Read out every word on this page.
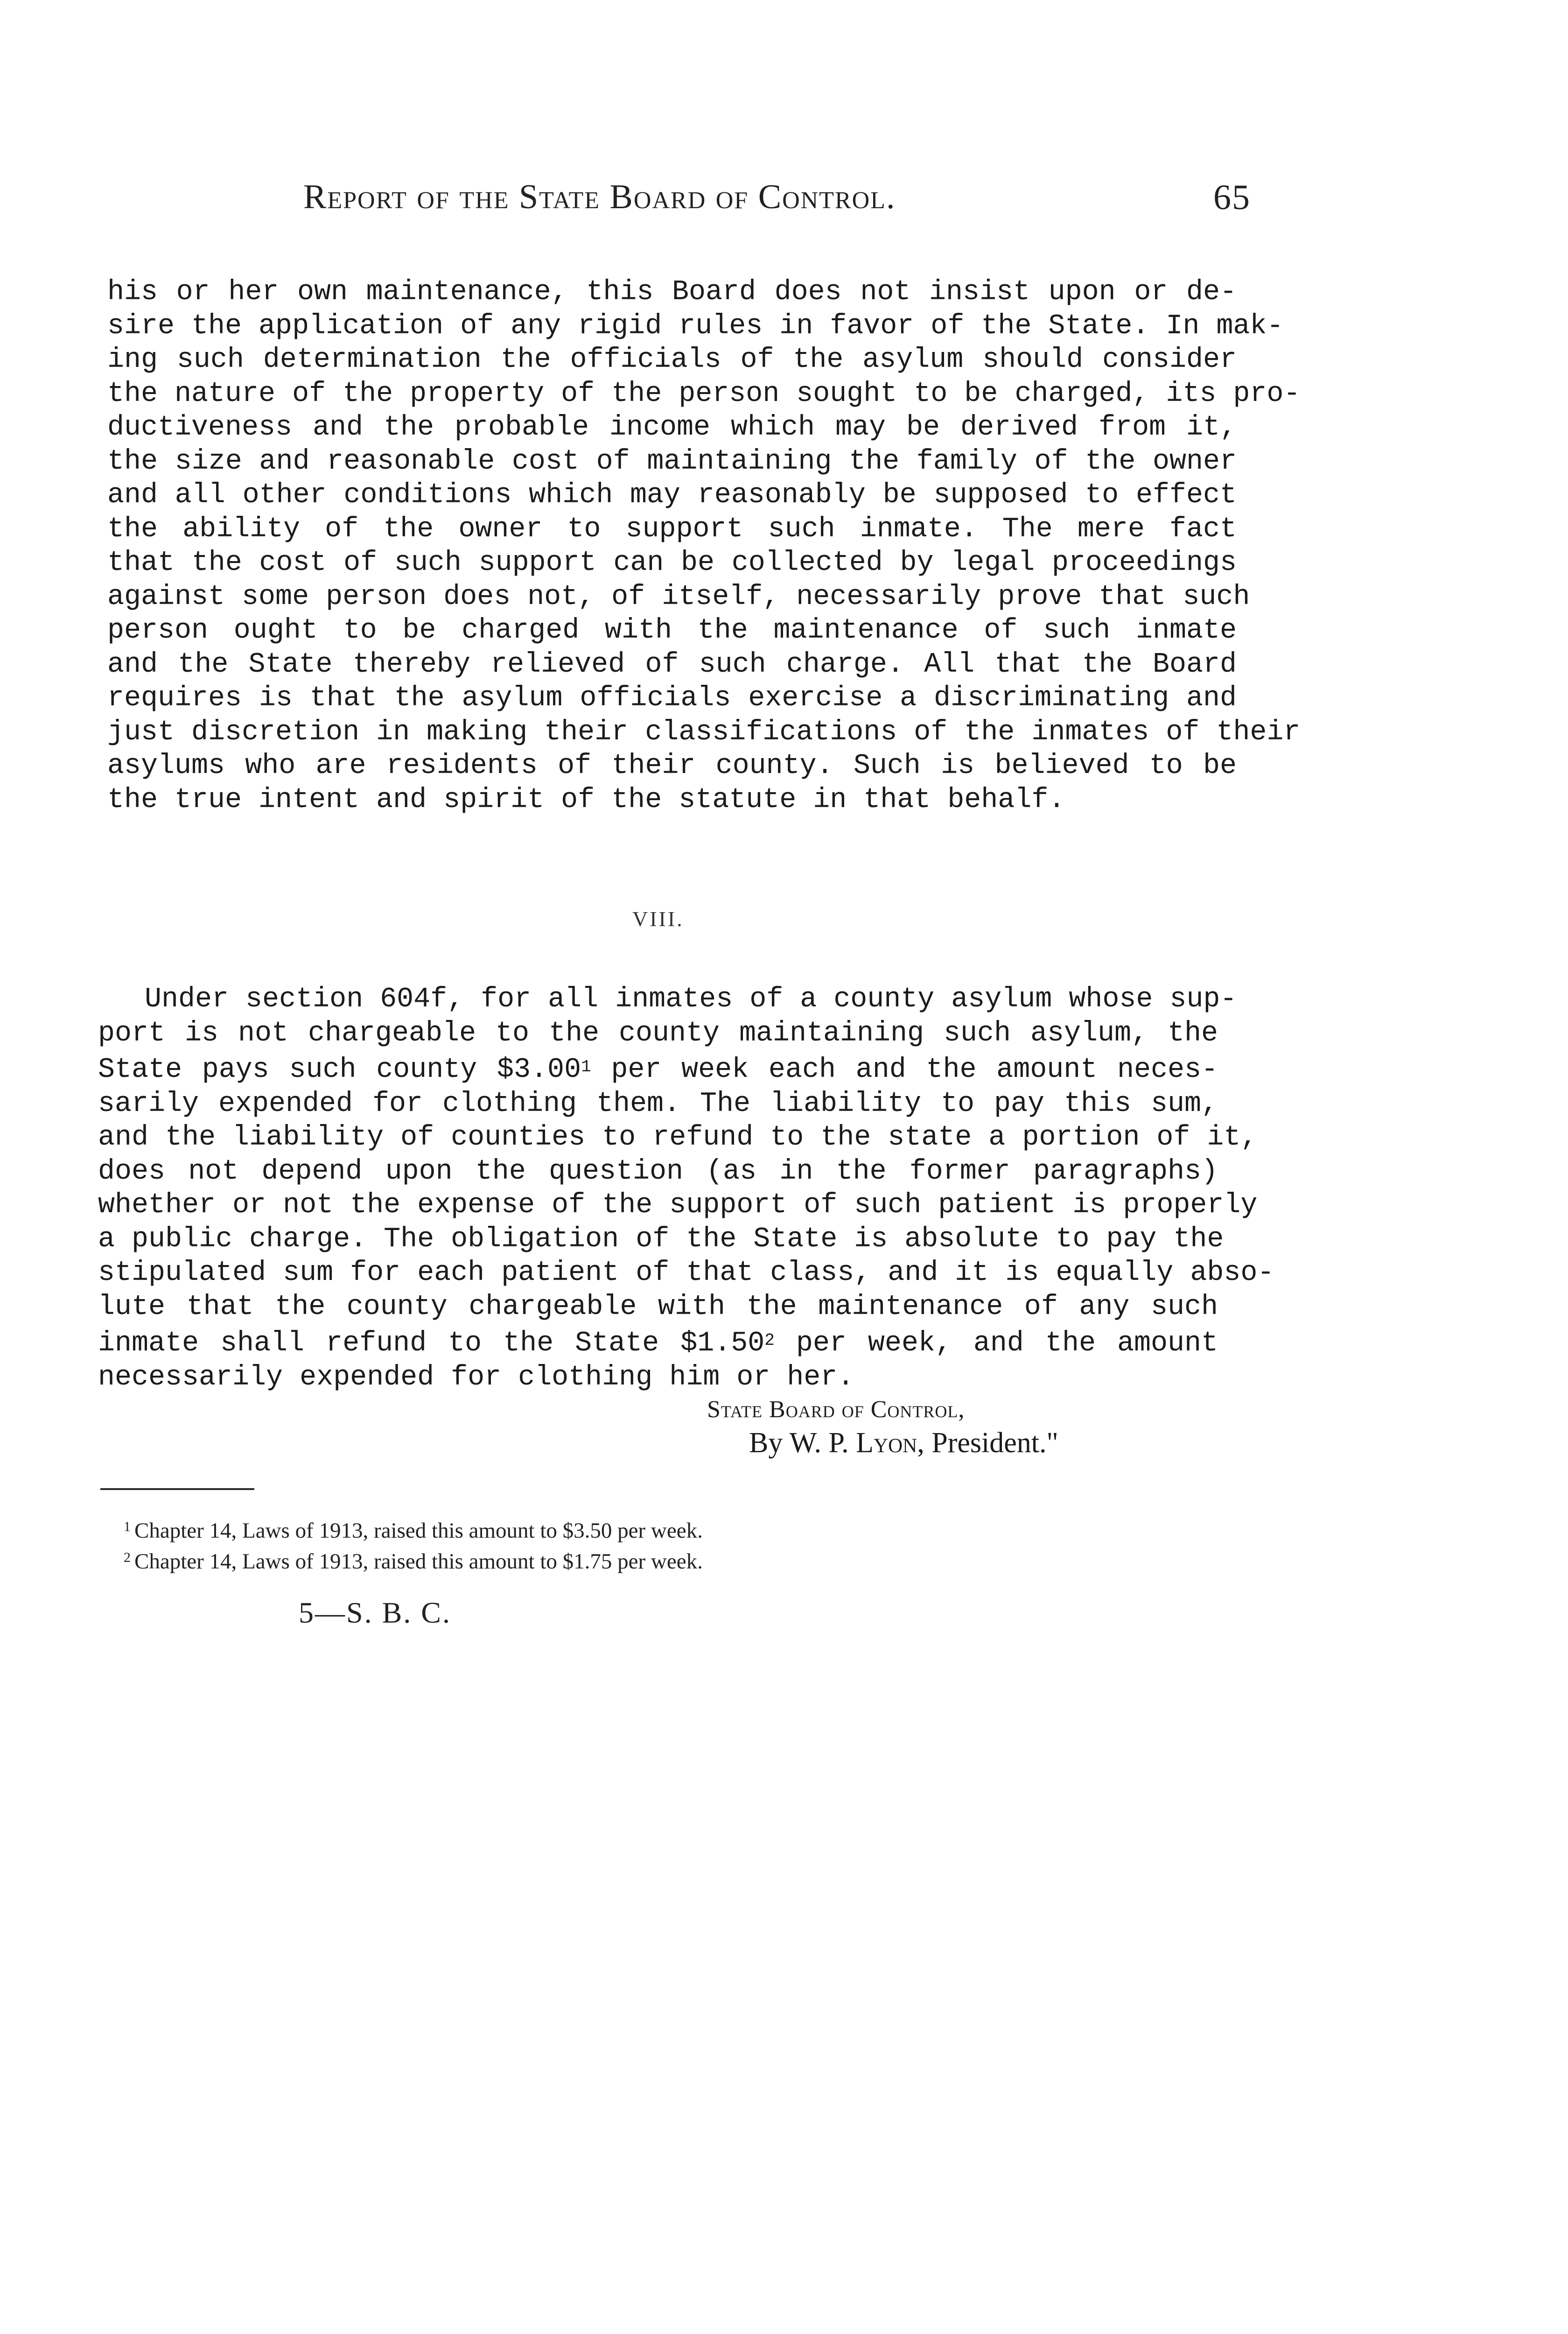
Report of the State Board of Control.	65
his or her own maintenance, this Board does not insist upon or de-
sire the application of any rigid rules in favor of the State. In mak-
ing such determination the officials of the asylum should consider
the nature of the property of the person sought to be charged, its pro-
ductiveness and the probable income which may be derived from it,
the size and reasonable cost of maintaining the family of the owner
and all other conditions which may reasonably be supposed to effect
the ability of the owner to support such inmate. The mere fact
that the cost of such support can be collected by legal proceedings
against some person does not, of itself, necessarily prove that such
person ought to be charged with the maintenance of such inmate
and the State thereby relieved of such charge. All that the Board
requires is that the asylum officials exercise a discriminating and
just discretion in making their classifications of the inmates of their
asylums who are residents of their county. Such is believed to be
the true intent and spirit of the statute in that behalf.
VIII.
Under section 604f, for all inmates of a county asylum whose sup-
port is not chargeable to the county maintaining such asylum, the
State pays such county $3.00$^1$ per week each and the amount neces-
sarily expended for clothing them. The liability to pay this sum,
and the liability of counties to refund to the state a portion of it,
does not depend upon the question (as in the former paragraphs)
whether or not the expense of the support of such patient is properly
a public charge. The obligation of the State is absolute to pay the
stipulated sum for each patient of that class, and it is equally abso-
lute that the county chargeable with the maintenance of any such
inmate shall refund to the State $1.50$^2$ per week, and the amount
necessarily expended for clothing him or her.
State Board of Control,
By W. P. Lyon, President."
$^1$ Chapter 14, Laws of 1913, raised this amount to $3.50 per week.
$^2$ Chapter 14, Laws of 1913, raised this amount to $1.75 per week.
5—S. B. C.
